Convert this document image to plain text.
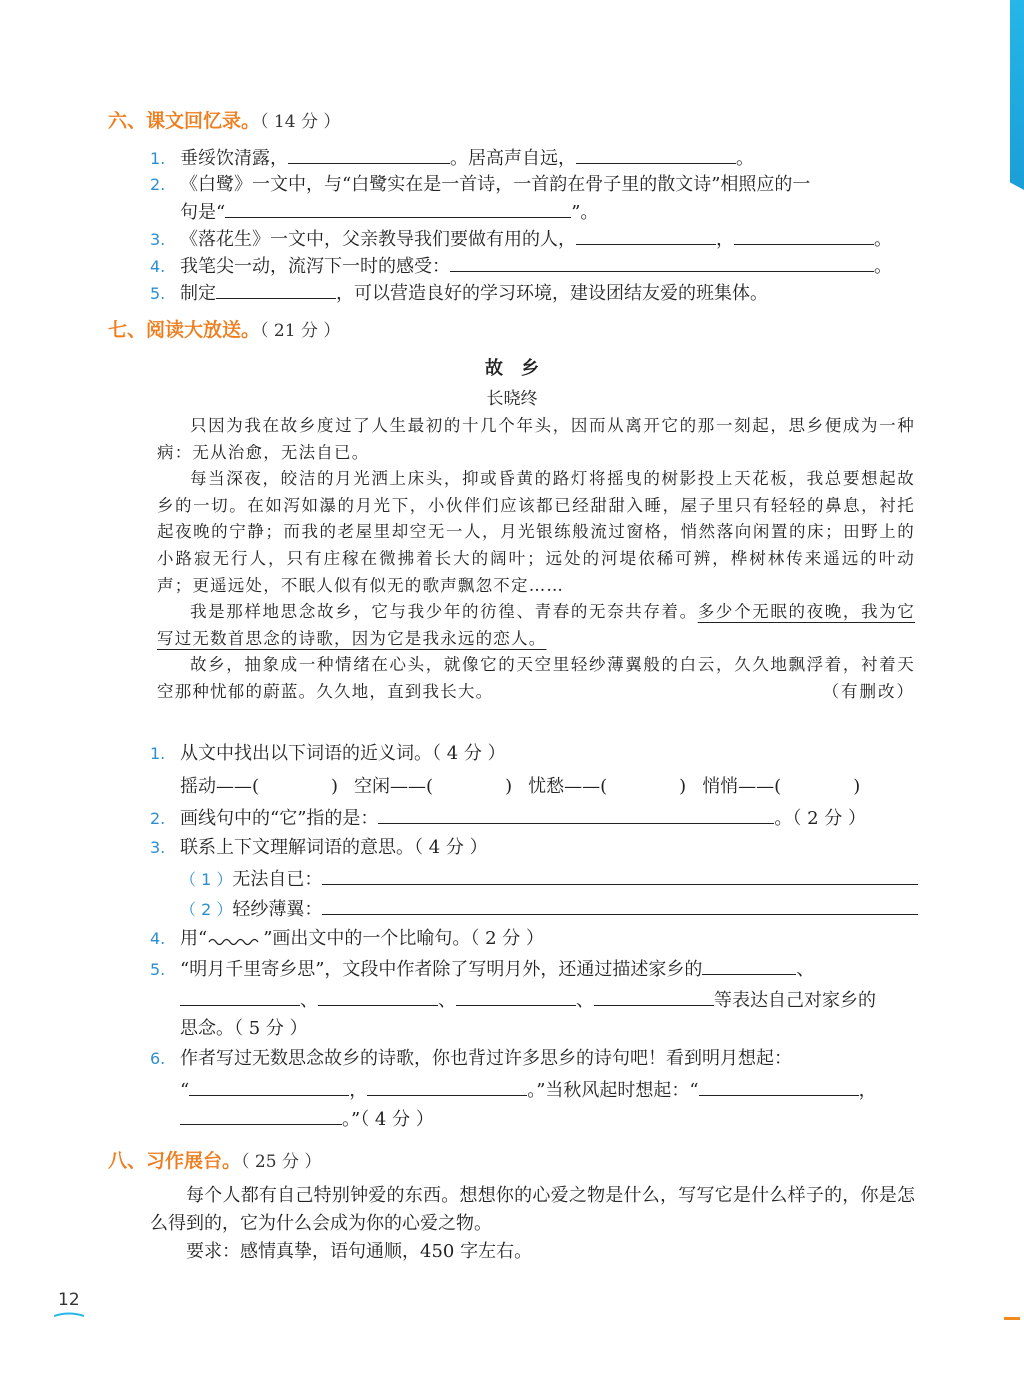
六、课文回忆录。（ 14 分 ）
1. 垂绥饮清露，	。居高声自远，	。
2. 《白鹭》一文中，与“白鹭实在是一首诗，一首韵在骨子里的散文诗”相照应的一
句是“	”。
3. 《落花生》一文中，父亲教导我们要做有用的人，	，	。
4. 我笔尖一动，流泻下一时的感受：	。
5. 制定	，可以营造良好的学习环境，建设团结友爱的班集体。
七、阅读大放送。（ 21 分 ）
故　乡
长晓终

只因为我在故乡度过了人生最初的十几个年头，因而从离开它的那一刻起，思乡便成为一种病：无从治愈，无法自已。

每当深夜，皎洁的月光洒上床头，抑或昏黄的路灯将摇曳的树影投上天花板，我总要想起故乡的一切。在如泻如瀑的月光下，小伙伴们应该都已经甜甜入睡，屋子里只有轻轻的鼻息，衬托起夜晚的宁静；而我的老屋里却空无一人，月光银练般流过窗格，悄然落向闲置的床；田野上的小路寂无行人，只有庄稼在微拂着长大的阔叶；远处的河堤依稀可辨，桦树林传来遥远的叶动声；更遥远处，不眠人似有似无的歌声飘忽不定……

我是那样地思念故乡，它与我少年的彷徨、青春的无奈共存着。多少个无眠的夜晚，我为它写过无数首思念的诗歌，因为它是我永远的恋人。

故乡，抽象成一种情绪在心头，就像它的天空里轻纱薄翼般的白云，久久地飘浮着，衬着天空那种忧郁的蔚蓝。久久地，直到我长大。	（有删改）

1. 从文中找出以下词语的近义词。（ 4 分 ）
摇动——(	) 空闲——(	) 忧愁——(	) 悄悄——(	)
2. 画线句中的“它”指的是：	。（ 2 分 ）
3. 联系上下文理解词语的意思。（ 4 分 ）
（ 1 ）无法自已：
（ 2 ）轻纱薄翼：
4. 用“	”画出文中的一个比喻句。（ 2 分 ）
5. “明月千里寄乡思”，文段中作者除了写明月外，还通过描述家乡的	、
、	、	、	等表达自己对家乡的
思念。（ 5 分 ）
6. 作者写过无数思念故乡的诗歌，你也背过许多思乡的诗句吧！看到明月想起：
“	，	。”当秋风起时想起：“	，
。”（ 4 分 ）
八、习作展台。（ 25 分 ）

每个人都有自己特别钟爱的东西。想想你的心爱之物是什么，写写它是什么样子的，你是怎么得到的，它为什么会成为你的心爱之物。

要求：感情真挚，语句通顺，450 字左右。

12
